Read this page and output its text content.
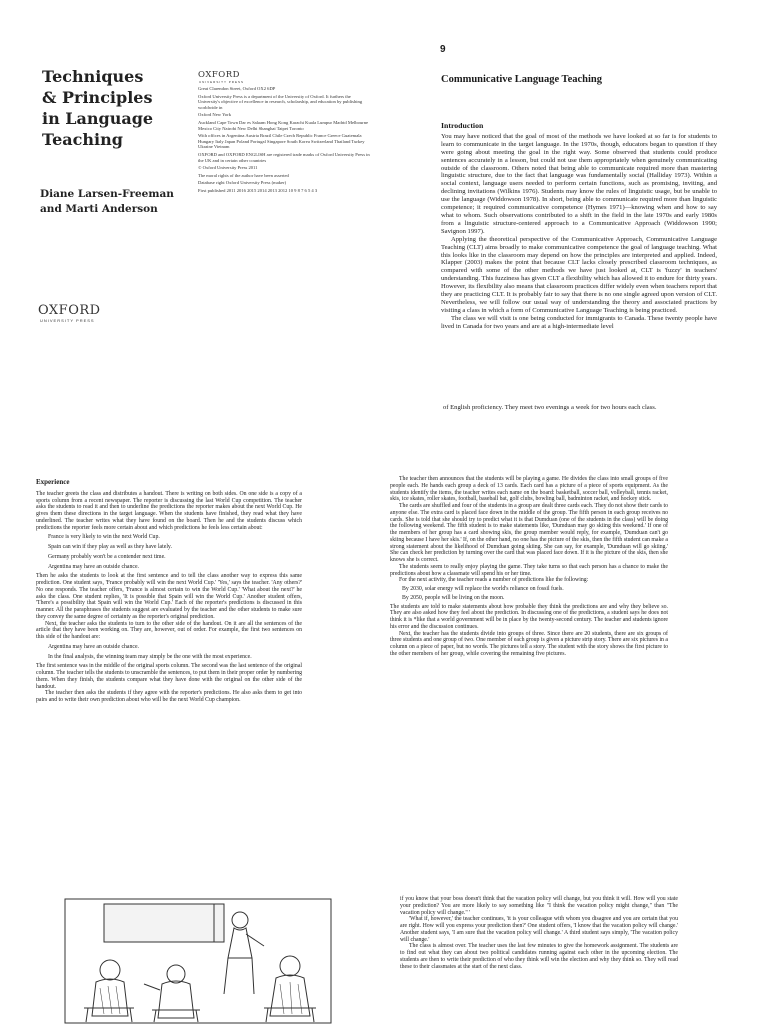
Techniques
& Principles
in Language
Teaching
Diane Larsen-Freeman
and Marti Anderson
OXFORD
UNIVERSITY PRESS
OXFORD
UNIVERSITY PRESS

Great Clarendon Street, Oxford OX2 6DP

Oxford University Press is a department of the University of Oxford. It furthers the University's objective of excellence in research, scholarship, and education by publishing worldwide in

Oxford New York

Auckland Cape Town Dar es Salaam Hong Kong Karachi Kuala Lumpur Madrid Melbourne Mexico City Nairobi New Delhi Shanghai Taipei Toronto

With offices in Argentina Austria Brazil Chile Czech Republic France Greece Guatemala Hungary Italy Japan Poland Portugal Singapore South Korea Switzerland Thailand Turkey Ukraine Vietnam

OXFORD and OXFORD ENGLISH are registered trade marks of Oxford University Press in the UK and in certain other countries

© Oxford University Press 2011

The moral rights of the author have been asserted

Database right Oxford University Press (maker)

First published 2011 2016 2015 2014 2013 2012 10 9 8 7 6 5 4 3

9
Communicative Language Teaching

Introduction

You may have noticed that the goal of most of the methods we have looked at so far is for students to learn to communicate in the target language. In the 1970s, though, educators began to question if they were going about meeting the goal in the right way. Some observed that students could produce sentences accurately in a lesson, but could not use them appropriately when genuinely communicating outside of the classroom. Others noted that being able to communicate required more than mastering linguistic structure, due to the fact that language was fundamentally social (Halliday 1973). Within a social context, language users needed to perform certain functions, such as promising, inviting, and declining invitations (Wilkins 1976). Students may know the rules of linguistic usage, but be unable to use the language (Widdowson 1978). In short, being able to communicate required more than linguistic competence; it required communicative competence (Hymes 1971)—knowing when and how to say what to whom. Such observations contributed to a shift in the field in the late 1970s and early 1980s from a linguistic structure-centered approach to a Communicative Approach (Widdowson 1990; Savignon 1997).

Applying the theoretical perspective of the Communicative Approach, Communicative Language Teaching (CLT) aims broadly to make communicative competence the goal of language teaching. What this looks like in the classroom may depend on how the principles are interpreted and applied. Indeed, Klapper (2003) makes the point that because CLT lacks closely prescribed classroom techniques, as compared with some of the other methods we have just looked at, CLT is 'fuzzy' in teachers' understanding. This fuzziness has given CLT a flexibility which has allowed it to endure for thirty years. However, its flexibility also means that classroom practices differ widely even when teachers report that they are practicing CLT. It is probably fair to say that there is no one single agreed upon version of CLT. Nevertheless, we will follow our usual way of understanding the theory and associated practices by visiting a class in which a form of Communicative Language Teaching is being practiced.

The class we will visit is one being conducted for immigrants to Canada. These twenty people have lived in Canada for two years and are at a high-intermediate level

of English proficiency. They meet two evenings a week for two hours each class.

Experience

The teacher greets the class and distributes a handout. There is writing on both sides. On one side is a copy of a sports column from a recent newspaper. The reporter is discussing the last World Cup competition. The teacher asks the students to read it and then to underline the predictions the reporter makes about the next World Cup. He gives them these directions in the target language. When the students have finished, they read what they have underlined. The teacher writes what they have found on the board. Then he and the students discuss which predictions the reporter feels more certain about and which predictions he feels less certain about:

France is very likely to win the next World Cup.

Spain can win if they play as well as they have lately.

Germany probably won't be a contender next time.

Argentina may have an outside chance.

Then he asks the students to look at the first sentence and to tell the class another way to express this same prediction. One student says, 'France probably will win the next World Cup.' 'Yes,' says the teacher. 'Any others?' No one responds. The teacher offers, 'France is almost certain to win the World Cup.' 'What about the next?' he asks the class. One student replies, 'It is possible that Spain will win the World Cup.' Another student offers, 'There's a possibility that Spain will win the World Cup.' Each of the reporter's predictions is discussed in this manner. All the paraphrases the students suggest are evaluated by the teacher and the other students to make sure they convey the same degree of certainty as the reporter's original prediction.

Next, the teacher asks the students to turn to the other side of the handout. On it are all the sentences of the article that they have been working on. They are, however, out of order. For example, the first two sentences on this side of the handout are:

Argentina may have an outside chance.

In the final analysis, the winning team may simply be the one with the most experience.

The first sentence was in the middle of the original sports column. The second was the last sentence of the original column. The teacher tells the students to unscramble the sentences, to put them in their proper order by numbering them. When they finish, the students compare what they have done with the original on the other side of the handout.

The teacher then asks the students if they agree with the reporter's predictions. He also asks them to get into pairs and to write their own prediction about who will be the next World Cup champion.

The teacher then announces that the students will be playing a game. He divides the class into small groups of five people each. He hands each group a deck of 13 cards. Each card has a picture of a piece of sports equipment. As the students identify the items, the teacher writes each name on the board: basketball, soccer ball, volleyball, tennis racket, skis, ice skates, roller skates, football, baseball bat, golf clubs, bowling ball, badminton racket, and hockey stick.

The cards are shuffled and four of the students in a group are dealt three cards each. They do not show their cards to anyone else. The extra card is placed face down in the middle of the group. The fifth person in each group receives no cards. She is told that she should try to predict what it is that Dumduan (one of the students in the class) will be doing the following weekend. The fifth student is to make statements like, 'Dumduan may go skiing this weekend.' If one of the members of her group has a card showing skis, the group member would reply, for example, 'Dumduan can't go skiing because I have her skis.' If, on the other hand, no one has the picture of the skis, then the fifth student can make a strong statement about the likelihood of Dumduan going skiing. She can say, for example, 'Dumduan will go skiing.' She can check her prediction by turning over the card that was placed face down. If it is the picture of the skis, then she knows she is correct.

The students seem to really enjoy playing the game. They take turns so that each person has a chance to make the predictions about how a classmate will spend his or her time.

For the next activity, the teacher reads a number of predictions like the following:

By 2030, solar energy will replace the world's reliance on fossil fuels.

By 2050, people will be living on the moon.

The students are told to make statements about how probable they think the predictions are and why they believe so. They are also asked how they feel about the prediction. In discussing one of the predictions, a student says he does not think it is *like that a world government will be in place by the twenty-second century. The teacher and students ignore his error and the discussion continues.

Next, the teacher has the students divide into groups of three. Since there are 20 students, there are six groups of three students and one group of two. One member of each group is given a picture strip story. There are six pictures in a column on a piece of paper, but no words. The pictures tell a story. The student with the story shows the first picture to the other members of her group, while covering the remaining five pictures.

if you know that your boss doesn't think that the vacation policy will change, but you think it will. How will you state your prediction? You are more likely to say something like "I think the vacation policy might change," than "The vacation policy will change." '

'What if, however,' the teacher continues, 'it is your colleague with whom you disagree and you are certain that you are right. How will you express your prediction then?' One student offers, 'I know that the vacation policy will change.' Another student says, 'I am sure that the vacation policy will change.' A third student says simply, 'The vacation policy will change.'

The class is almost over. The teacher uses the last few minutes to give the homework assignment. The students are to find out what they can about two political candidates running against each other in the upcoming election. The students are then to write their prediction of who they think will win the election and why they think so. They will read these to their classmates at the start of the next class.
